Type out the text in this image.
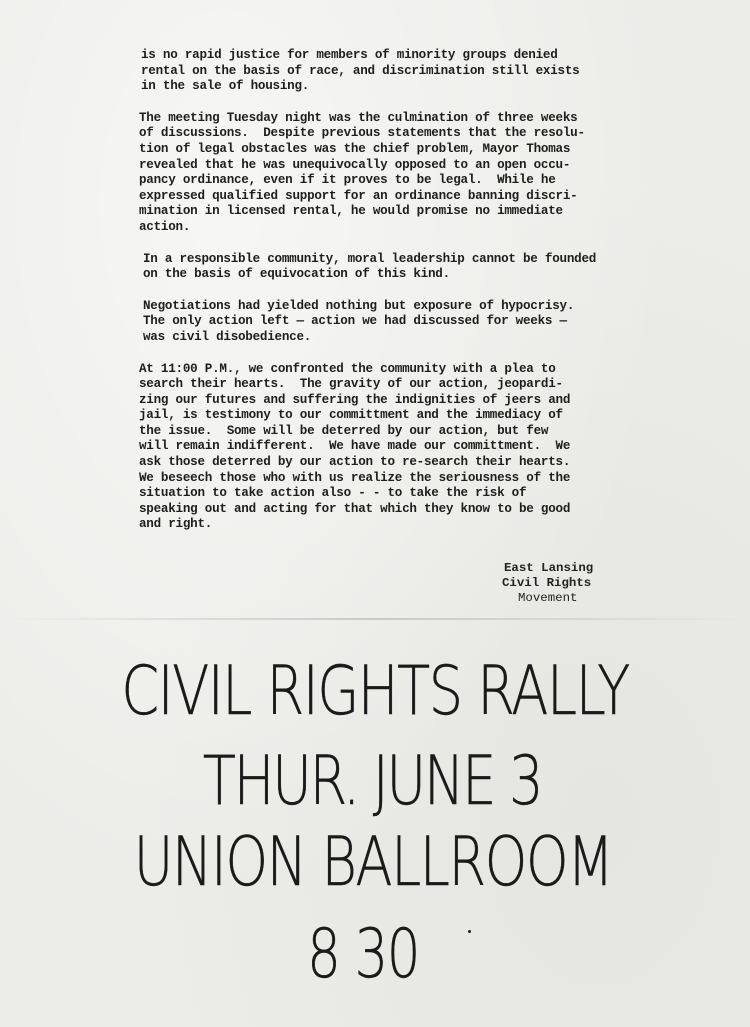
is no rapid justice for members of minority groups denied

rental on the basis of race, and discrimination still exists

in the sale of housing.

The meeting Tuesday night was the culmination of three weeks

of discussions.  Despite previous statements that the resolu-

tion of legal obstacles was the chief problem, Mayor Thomas

revealed that he was unequivocally opposed to an open occu-

pancy ordinance, even if it proves to be legal.  While he

expressed qualified support for an ordinance banning discri-

mination in licensed rental, he would promise no immediate

action.

In a responsible community, moral leadership cannot be founded

on the basis of equivocation of this kind.

Negotiations had yielded nothing but exposure of hypocrisy.

The only action left — action we had discussed for weeks —

was civil disobedience.

At 11:00 P.M., we confronted the community with a plea to

search their hearts.  The gravity of our action, jeopardi-

zing our futures and suffering the indignities of jeers and

jail, is testimony to our committment and the immediacy of

the issue.  Some will be deterred by our action, but few

will remain indifferent.  We have made our committment.  We

ask those deterred by our action to re-search their hearts.

We beseech those who with us realize the seriousness of the

situation to take action also - - to take the risk of

speaking out and acting for that which they know to be good

and right.

East Lansing
Civil Rights
Movement
CIVIL RIGHTS RALLY
THUR. JUNE 3
UNION BALLROOM
8 30
